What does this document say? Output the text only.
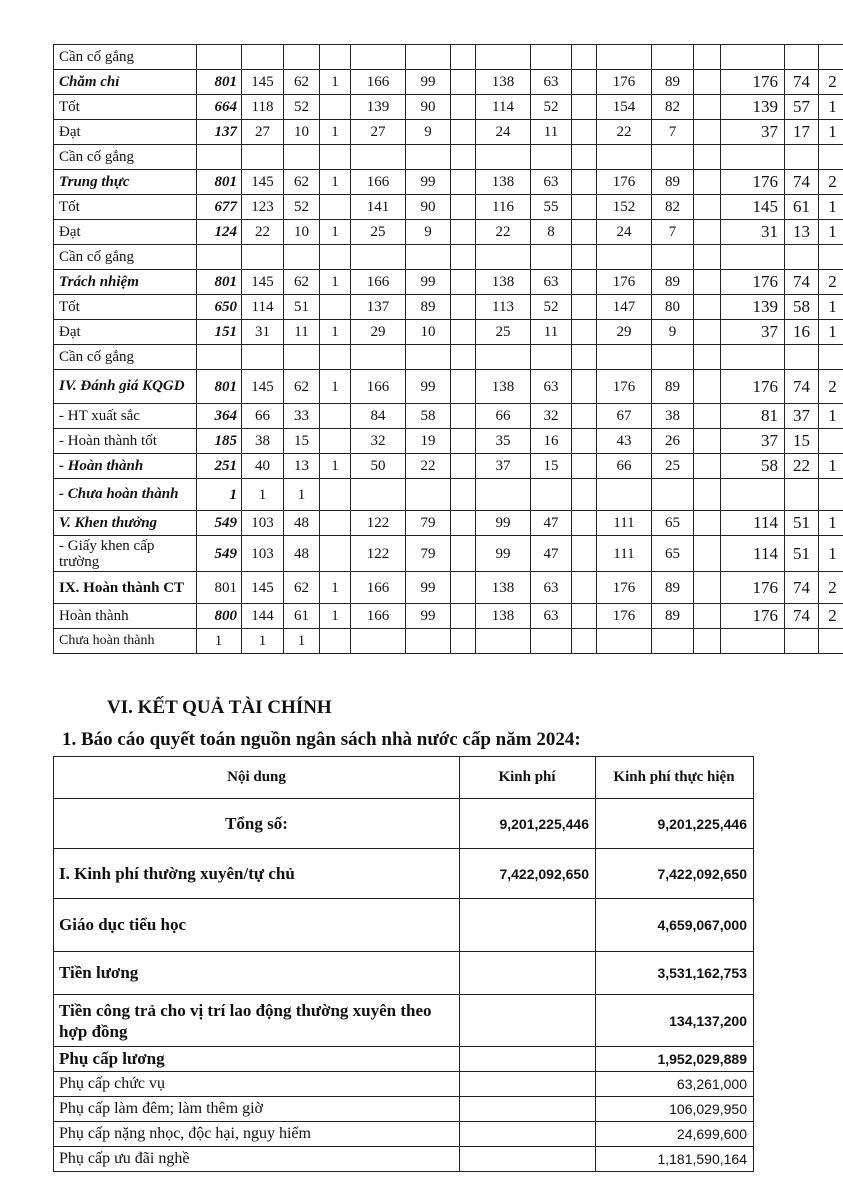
Cần cố gắng																
Chăm chỉ	801	145	62	1	166	99		138	63		176	89		176	74	2
Tốt	664	118	52		139	90		114	52		154	82		139	57	1
Đạt	137	27	10	1	27	9		24	11		22	7		37	17	1
Cần cố gắng																
Trung thực	801	145	62	1	166	99		138	63		176	89		176	74	2
Tốt	677	123	52		141	90		116	55		152	82		145	61	1
Đạt	124	22	10	1	25	9		22	8		24	7		31	13	1
Cần cố gắng																
Trách nhiệm	801	145	62	1	166	99		138	63		176	89		176	74	2
Tốt	650	114	51		137	89		113	52		147	80		139	58	1
Đạt	151	31	11	1	29	10		25	11		29	9		37	16	1
Cần cố gắng																
IV. Đánh giá KQGD	801	145	62	1	166	99		138	63		176	89		176	74	2
- HT xuất sắc	364	66	33		84	58		66	32		67	38		81	37	1
- Hoàn thành tốt	185	38	15		32	19		35	16		43	26		37	15	
- Hoàn thành	251	40	13	1	50	22		37	15		66	25		58	22	1
- Chưa hoàn thành	1	1	1													
V. Khen thưởng	549	103	48		122	79		99	47		111	65		114	51	1
- Giấy khen cấp trường	549	103	48		122	79		99	47		111	65		114	51	1
IX. Hoàn thành CT	801	145	62	1	166	99		138	63		176	89		176	74	2
Hoàn thành	800	144	61	1	166	99		138	63		176	89		176	74	2
Chưa hoàn thành	1	1	1													
VI. KẾT QUẢ TÀI CHÍNH
1. Báo cáo quyết toán nguồn ngân sách nhà nước cấp năm 2024:
Nội dung	Kinh phí	Kinh phí thực hiện
Tổng số:	9,201,225,446	9,201,225,446
I. Kinh phí thường xuyên/tự chủ	7,422,092,650	7,422,092,650
Giáo dục tiểu học		4,659,067,000
Tiền lương		3,531,162,753
Tiền công trả cho vị trí lao động thường xuyên theo hợp đồng		134,137,200
Phụ cấp lương		1,952,029,889
Phụ cấp chức vụ		63,261,000
Phụ cấp làm đêm; làm thêm giờ		106,029,950
Phụ cấp nặng nhọc, độc hại, nguy hiểm		24,699,600
Phụ cấp ưu đãi nghề		1,181,590,164
